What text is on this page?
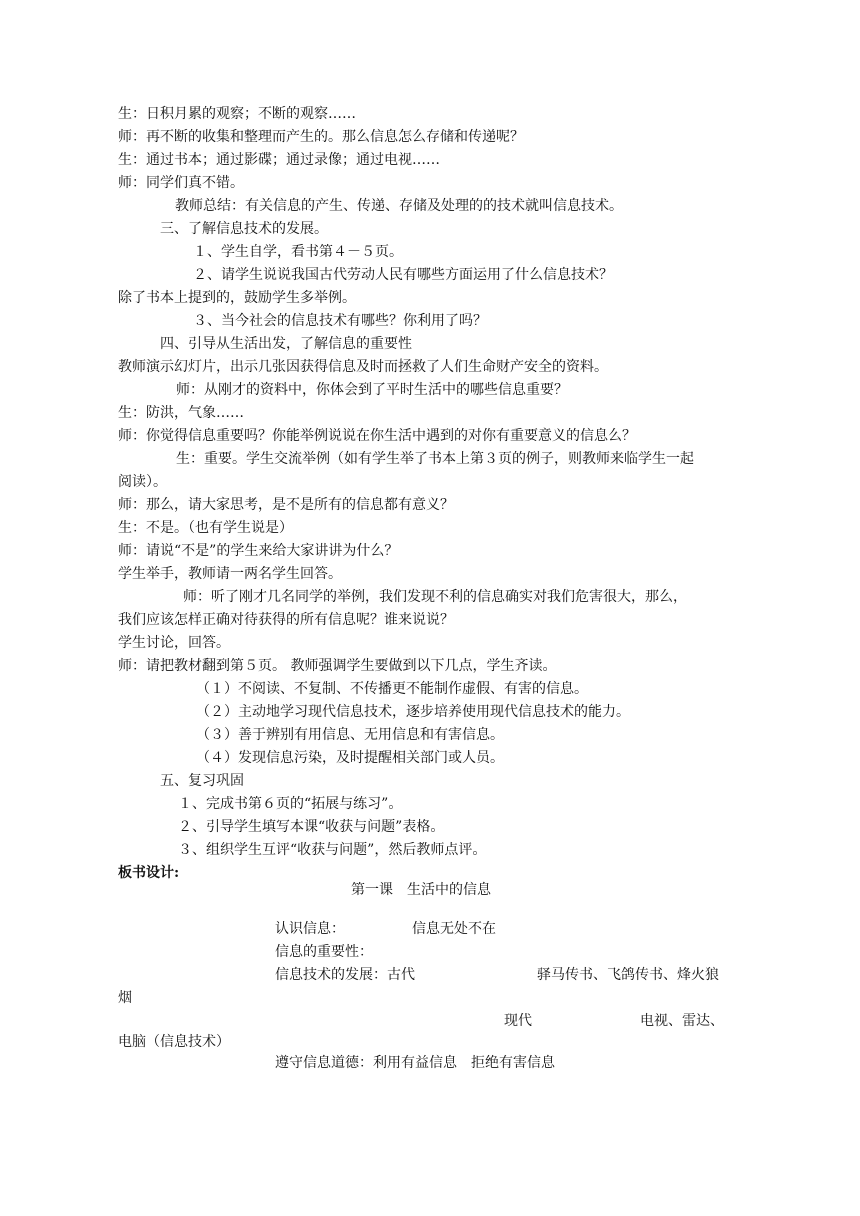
生：日积月累的观察；不断的观察……
师：再不断的收集和整理而产生的。那么信息怎么存储和传递呢？
生：通过书本；通过影碟；通过录像；通过电视……
师：同学们真不错。
教师总结：有关信息的产生、传递、存储及处理的的技术就叫信息技术。
三、了解信息技术的发展。
１、学生自学，看书第４－５页。
２、请学生说说我国古代劳动人民有哪些方面运用了什么信息技术？
除了书本上提到的，鼓励学生多举例。
３、当今社会的信息技术有哪些？你利用了吗？
四、引导从生活出发，了解信息的重要性
教师演示幻灯片，出示几张因获得信息及时而拯救了人们生命财产安全的资料。
师：从刚才的资料中，你体会到了平时生活中的哪些信息重要？
生：防洪，气象……
师：你觉得信息重要吗？你能举例说说在你生活中遇到的对你有重要意义的信息么？
生：重要。学生交流举例（如有学生举了书本上第３页的例子，则教师来临学生一起
阅读）。
师：那么，请大家思考，是不是所有的信息都有意义？
生：不是。（也有学生说是）
师：请说“不是”的学生来给大家讲讲为什么？
学生举手，教师请一两名学生回答。
师：听了刚才几名同学的举例，我们发现不利的信息确实对我们危害很大，那么，
我们应该怎样正确对待获得的所有信息呢？谁来说说？
学生讨论，回答。
师：请把教材翻到第５页。 教师强调学生要做到以下几点，学生齐读。
（１）不阅读、不复制、不传播更不能制作虚假、有害的信息。
（２）主动地学习现代信息技术，逐步培养使用现代信息技术的能力。
（３）善于辨别有用信息、无用信息和有害信息。
（４）发现信息污染，及时提醒相关部门或人员。
五、复习巩固
１、完成书第６页的“拓展与练习”。
２、引导学生填写本课“收获与问题”表格。
３、组织学生互评“收获与问题”，然后教师点评。
板书设计:
第一课　生活中的信息
认识信息：	信息无处不在
信息的重要性：
信息技术的发展：古代	驿马传书、飞鸽传书、烽火狼
烟
现代	电视、雷达、
电脑（信息技术）
遵守信息道德：利用有益信息　拒绝有害信息
